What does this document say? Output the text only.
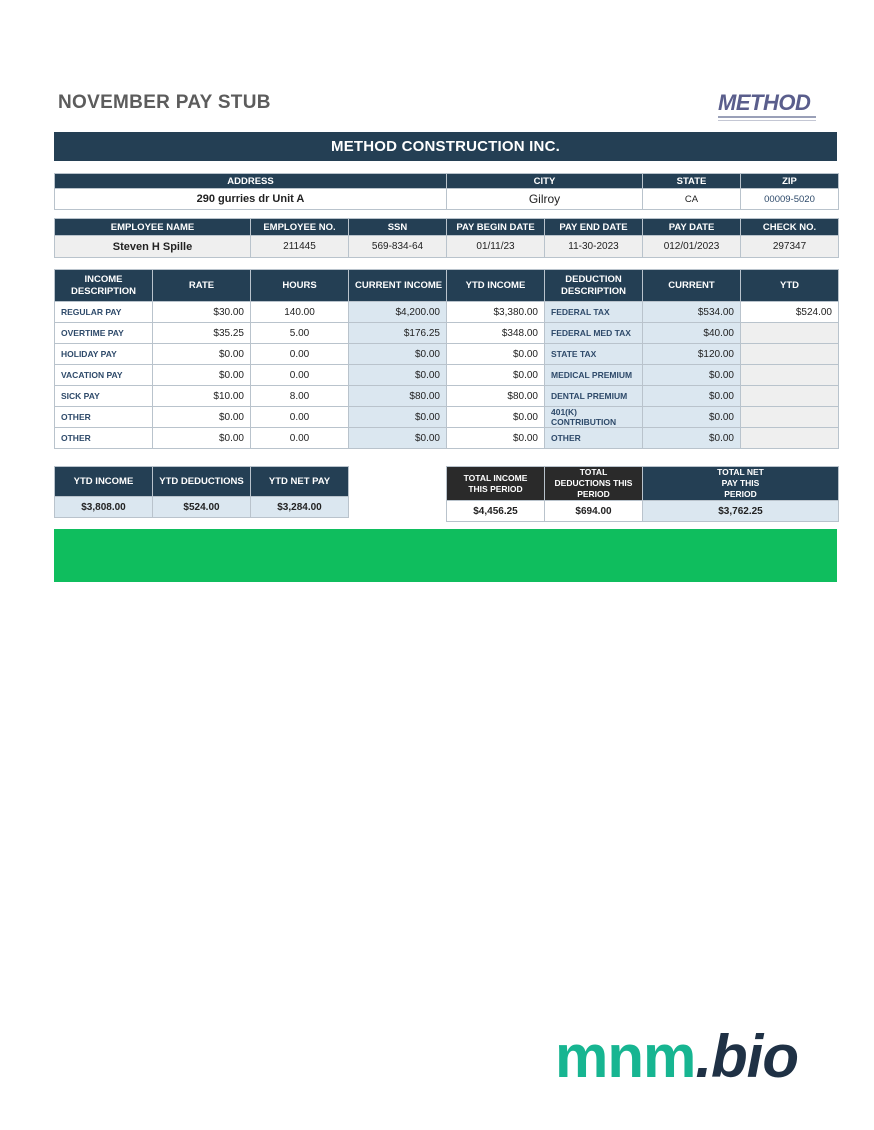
NOVEMBER PAY STUB	METHOD
METHOD CONSTRUCTION INC.
ADDRESS	CITY	STATE	ZIP
290 gurries dr Unit A	Gilroy	CA	00009-5020
EMPLOYEE NAME	EMPLOYEE NO.	SSN	PAY BEGIN DATE	PAY END DATE	PAY DATE	CHECK NO.
Steven H Spille	211445	569-834-64	01/11/23	11-30-2023	012/01/2023	297347
INCOME DESCRIPTION	RATE	HOURS	CURRENT INCOME	YTD INCOME	DEDUCTION DESCRIPTION	CURRENT	YTD
REGULAR PAY	$30.00	140.00	$4,200.00	$3,380.00	FEDERAL TAX	$534.00	$524.00
OVERTIME PAY	$35.25	5.00	$176.25	$348.00	FEDERAL MED TAX	$40.00	
HOLIDAY PAY	$0.00	0.00	$0.00	$0.00	STATE TAX	$120.00	
VACATION PAY	$0.00	0.00	$0.00	$0.00	MEDICAL PREMIUM	$0.00	
SICK PAY	$10.00	8.00	$80.00	$80.00	DENTAL PREMIUM	$0.00	
OTHER	$0.00	0.00	$0.00	$0.00	401(K) CONTRIBUTION	$0.00	
OTHER	$0.00	0.00	$0.00	$0.00	OTHER	$0.00	
YTD INCOME	YTD DEDUCTIONS	YTD NET PAY
$3,808.00	$524.00	$3,284.00
TOTAL INCOME THIS PERIOD	TOTAL DEDUCTIONS THIS PERIOD	TOTAL NET PAY THIS PERIOD
$4,456.25	$694.00	$3,762.25
mnm.bio
